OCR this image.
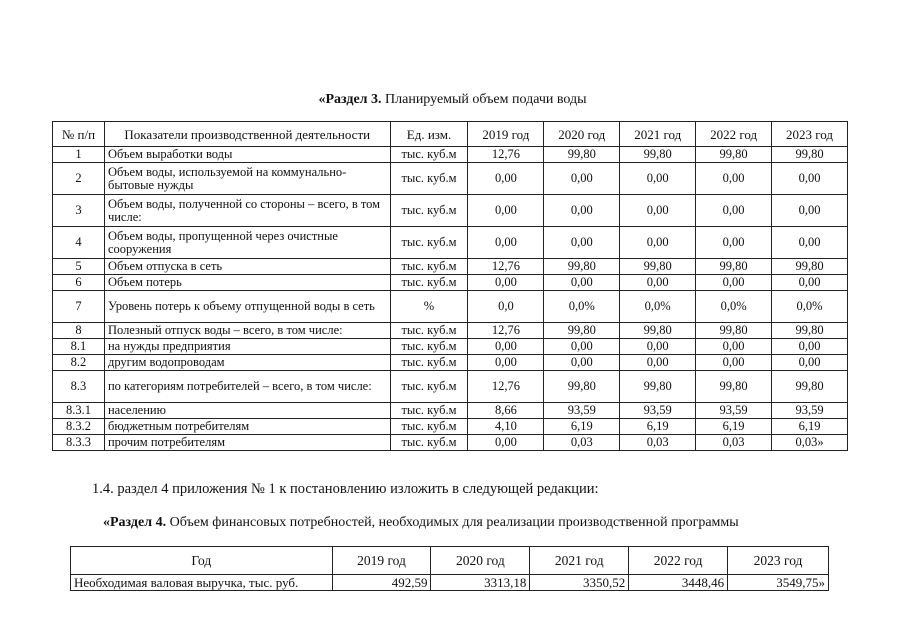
«Раздел 3. Планируемый объем подачи воды
№ п/п	Показатели производственной деятельности	Ед. изм.	2019 год	2020 год	2021 год	2022 год	2023 год
1	Объем выработки воды	тыс. куб.м	12,76	99,80	99,80	99,80	99,80
2	Объем воды, используемой на коммунально-бытовые нужды	тыс. куб.м	0,00	0,00	0,00	0,00	0,00
3	Объем воды, полученной со стороны – всего, в том числе:	тыс. куб.м	0,00	0,00	0,00	0,00	0,00
4	Объем воды, пропущенной через очистные сооружения	тыс. куб.м	0,00	0,00	0,00	0,00	0,00
5	Объем отпуска в сеть	тыс. куб.м	12,76	99,80	99,80	99,80	99,80
6	Объем потерь	тыс. куб.м	0,00	0,00	0,00	0,00	0,00
7	Уровень потерь к объему отпущенной воды в сеть	%	0,0	0,0%	0,0%	0,0%	0,0%
8	Полезный отпуск воды – всего, в том числе:	тыс. куб.м	12,76	99,80	99,80	99,80	99,80
8.1	на нужды предприятия	тыс. куб.м	0,00	0,00	0,00	0,00	0,00
8.2	другим водопроводам	тыс. куб.м	0,00	0,00	0,00	0,00	0,00
8.3	по категориям потребителей – всего, в том числе:	тыс. куб.м	12,76	99,80	99,80	99,80	99,80
8.3.1	населению	тыс. куб.м	8,66	93,59	93,59	93,59	93,59
8.3.2	бюджетным потребителям	тыс. куб.м	4,10	6,19	6,19	6,19	6,19
8.3.3	прочим потребителям	тыс. куб.м	0,00	0,03	0,03	0,03	0,03»
1.4. раздел 4 приложения № 1 к постановлению изложить в следующей редакции:
«Раздел 4. Объем финансовых потребностей, необходимых для реализации производственной программы
Год	2019 год	2020 год	2021 год	2022 год	2023 год
Необходимая валовая выручка, тыс. руб.	492,59	3313,18	3350,52	3448,46	3549,75»
